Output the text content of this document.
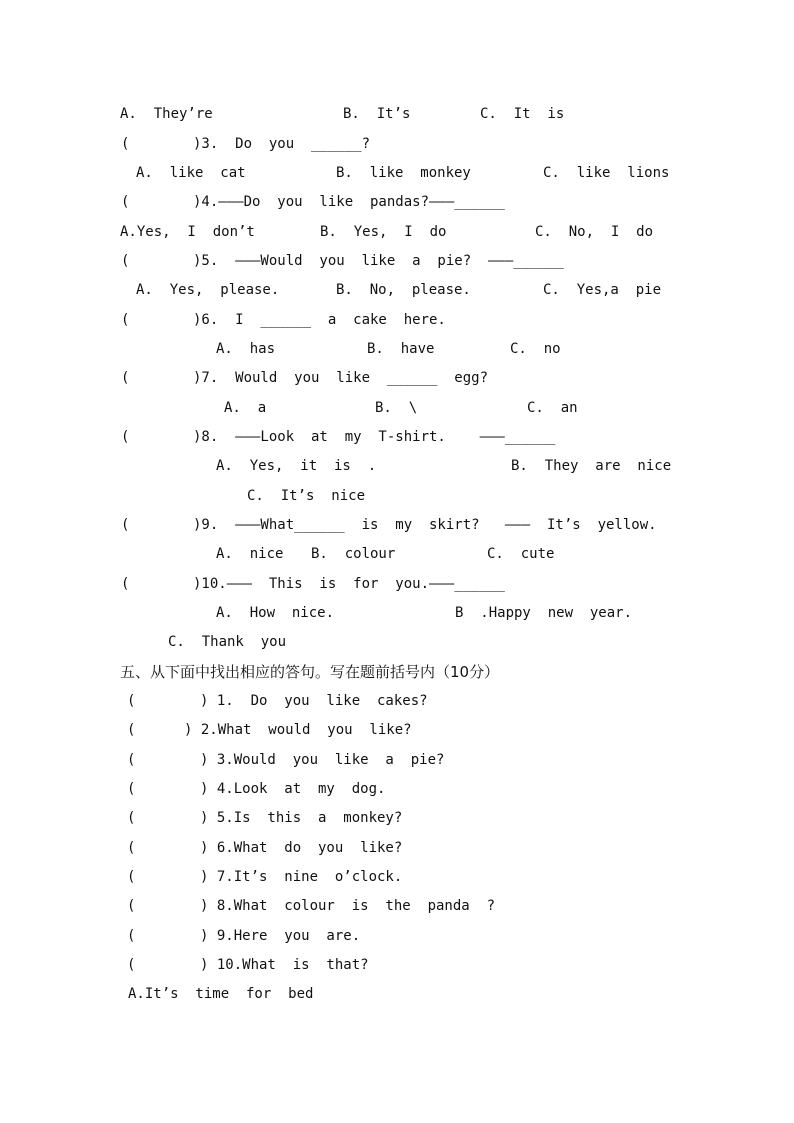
A.  They’re

	B.  It’s

	C.  It  is

(

	)3.  Do  you  ______?

A.  like  cat

	B.  like  monkey

	C.  like  lions

(

	)4.———Do  you  like  pandas?———______

A.Yes,  I  don’t

	B.  Yes,  I  do

	C.  No,  I  do

(

	)5.  ———Would  you  like  a  pie?  ———______

A.  Yes,  please.

	B.  No,  please.

	C.  Yes,a  pie

(

	)6.  I  ______  a  cake  here.

A.  has

	B.  have

	C.  no

(

	)7.  Would  you  like  ______  egg?

A.  a

	B.  \

	C.  an

(

	)8.  ———Look  at  my  T-shirt.    ———______

A.  Yes,  it  is  .

	B.  They  are  nice

C.  It’s  nice

(

	)9.  ———What______  is  my  skirt?   ———  It’s  yellow.

A.  nice

B.  colour

	C.  cute

(

	)10.———  This  is  for  you.———______

A.  How  nice.

	B  .Happy  new  year.

C.  Thank  you

五、从下面中找出相应的答句。写在题前括号内（10分）

(

	) 1.  Do  you  like  cakes?

(

	) 2.What  would  you  like?

(

	) 3.Would  you  like  a  pie?

(

	) 4.Look  at  my  dog.

(

	) 5.Is  this  a  monkey?

(

	) 6.What  do  you  like?

(

	) 7.It’s  nine  o’clock.

(

	) 8.What  colour  is  the  panda  ?

(

	) 9.Here  you  are.

(

	) 10.What  is  that?

A.It’s  time  for  bed
